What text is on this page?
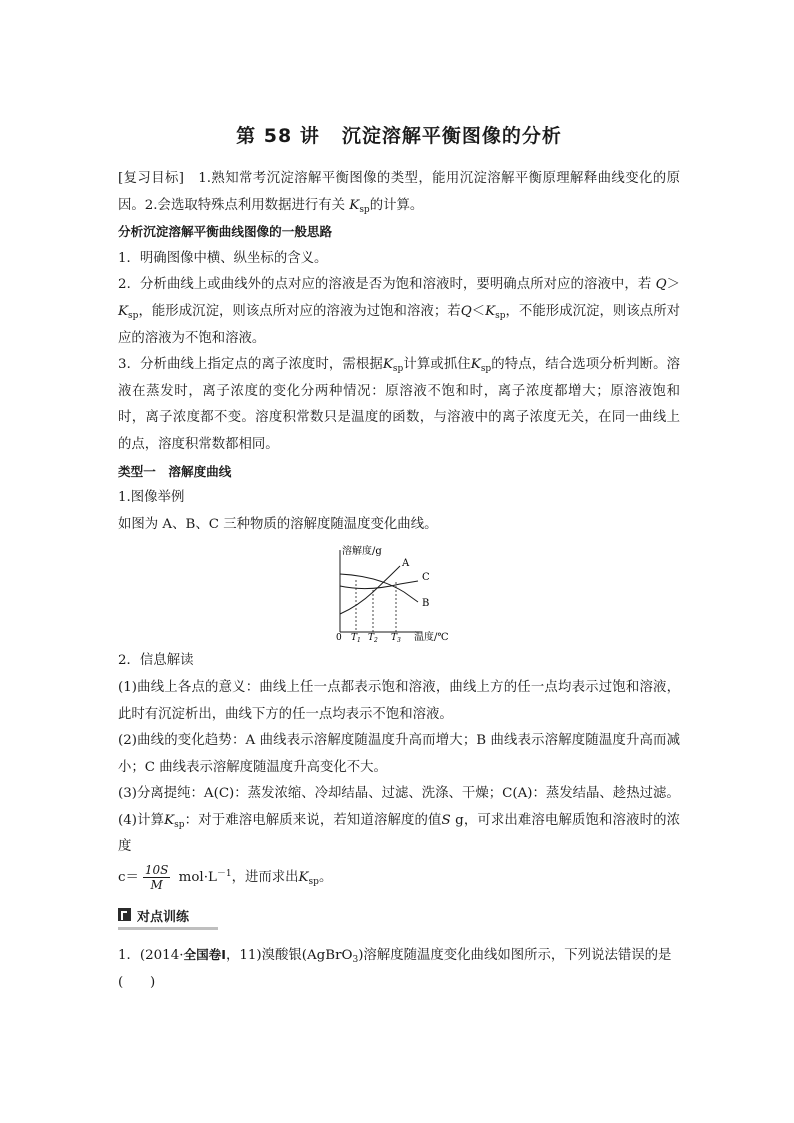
第 58 讲 沉淀溶解平衡图像的分析

[复习目标]　1.熟知常考沉淀溶解平衡图像的类型，能用沉淀溶解平衡原理解释曲线变化的原因。2.会选取特殊点利用数据进行有关 $K_{sp}$的计算。

分析沉淀溶解平衡曲线图像的一般思路

1．明确图像中横、纵坐标的含义。

2．分析曲线上或曲线外的点对应的溶液是否为饱和溶液时，要明确点所对应的溶液中，若 $Q>K_{sp}$，能形成沉淀，则该点所对应的溶液为过饱和溶液；若$Q<K_{sp}$，不能形成沉淀，则该点所对应的溶液为不饱和溶液。

3．分析曲线上指定点的离子浓度时，需根据$K_{sp}$计算或抓住$K_{sp}$的特点，结合选项分析判断。溶液在蒸发时，离子浓度的变化分两种情况：原溶液不饱和时，离子浓度都增大；原溶液饱和时，离子浓度都不变。溶度积常数只是温度的函数，与溶液中的离子浓度无关，在同一曲线上的点，溶度积常数都相同。

类型一　溶解度曲线

1.图像举例

如图为 A、B、C 三种物质的溶解度随温度变化曲线。

溶解度/g
温度/℃
0 $T_1$ $T_2$ $T_3$
A
C
B

2．信息解读

(1)曲线上各点的意义：曲线上任一点都表示饱和溶液，曲线上方的任一点均表示过饱和溶液，此时有沉淀析出，曲线下方的任一点均表示不饱和溶液。

(2)曲线的变化趋势：A 曲线表示溶解度随温度升高而增大；B 曲线表示溶解度随温度升高而减小；C 曲线表示溶解度随温度升高变化不大。

(3)分离提纯：A(C)：蒸发浓缩、冷却结晶、过滤、洗涤、干燥；C(A)：蒸发结晶、趁热过滤。

(4)计算$K_{sp}$：对于难溶电解质来说，若知道溶解度的值S g，可求出难溶电解质饱和溶液时的浓度

$c= \frac{10S}{M} mol\cdot L^{-1}$，进而求出$K_{sp}$。

对点训练

1．(2014·全国卷Ⅰ，11)溴酸银(AgBrO$_3$)溶解度随温度变化曲线如图所示，下列说法错误的是

(　　)
